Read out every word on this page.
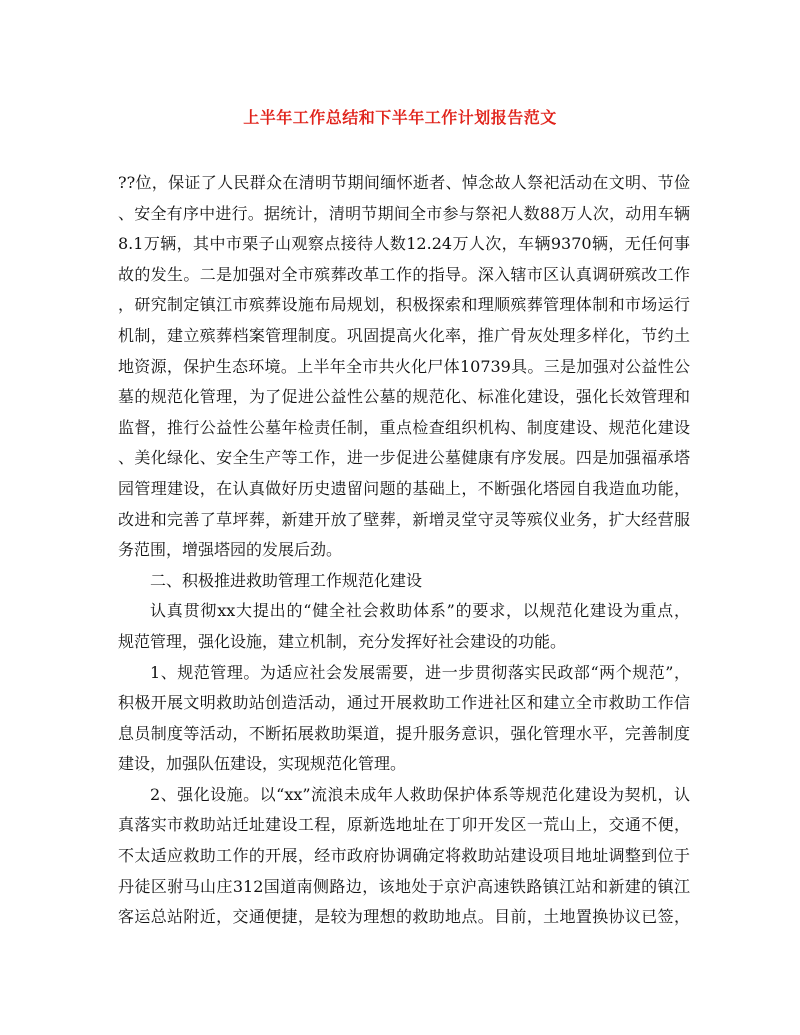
上半年工作总结和下半年工作计划报告范文
??位，保证了人民群众在清明节期间缅怀逝者、悼念故人祭祀活动在文明、节俭
、安全有序中进行。据统计，清明节期间全市参与祭祀人数88万人次，动用车辆
8.1万辆，其中市栗子山观察点接待人数12.24万人次，车辆9370辆，无任何事
故的发生。二是加强对全市殡葬改革工作的指导。深入辖市区认真调研殡改工作
，研究制定镇江市殡葬设施布局规划，积极探索和理顺殡葬管理体制和市场运行
机制，建立殡葬档案管理制度。巩固提高火化率，推广骨灰处理多样化，节约土
地资源，保护生态环境。上半年全市共火化尸体10739具。三是加强对公益性公
墓的规范化管理，为了促进公益性公墓的规范化、标准化建设，强化长效管理和
监督，推行公益性公墓年检责任制，重点检查组织机构、制度建设、规范化建设
、美化绿化、安全生产等工作，进一步促进公墓健康有序发展。四是加强福承塔
园管理建设，在认真做好历史遗留问题的基础上，不断强化塔园自我造血功能，
改进和完善了草坪葬，新建开放了壁葬，新增灵堂守灵等殡仪业务，扩大经营服
务范围，增强塔园的发展后劲。
二、积极推进救助管理工作规范化建设
认真贯彻xx大提出的“健全社会救助体系”的要求，以规范化建设为重点，
规范管理，强化设施，建立机制，充分发挥好社会建设的功能。
1、规范管理。为适应社会发展需要，进一步贯彻落实民政部“两个规范”，
积极开展文明救助站创造活动，通过开展救助工作进社区和建立全市救助工作信
息员制度等活动，不断拓展救助渠道，提升服务意识，强化管理水平，完善制度
建设，加强队伍建设，实现规范化管理。
2、强化设施。以“xx”流浪未成年人救助保护体系等规范化建设为契机，认
真落实市救助站迁址建设工程，原新选地址在丁卯开发区一荒山上，交通不便，
不太适应救助工作的开展，经市政府协调确定将救助站建设项目地址调整到位于
丹徒区驸马山庄312国道南侧路边，该地处于京沪高速铁路镇江站和新建的镇江
客运总站附近，交通便捷，是较为理想的救助地点。目前，土地置换协议已签，
